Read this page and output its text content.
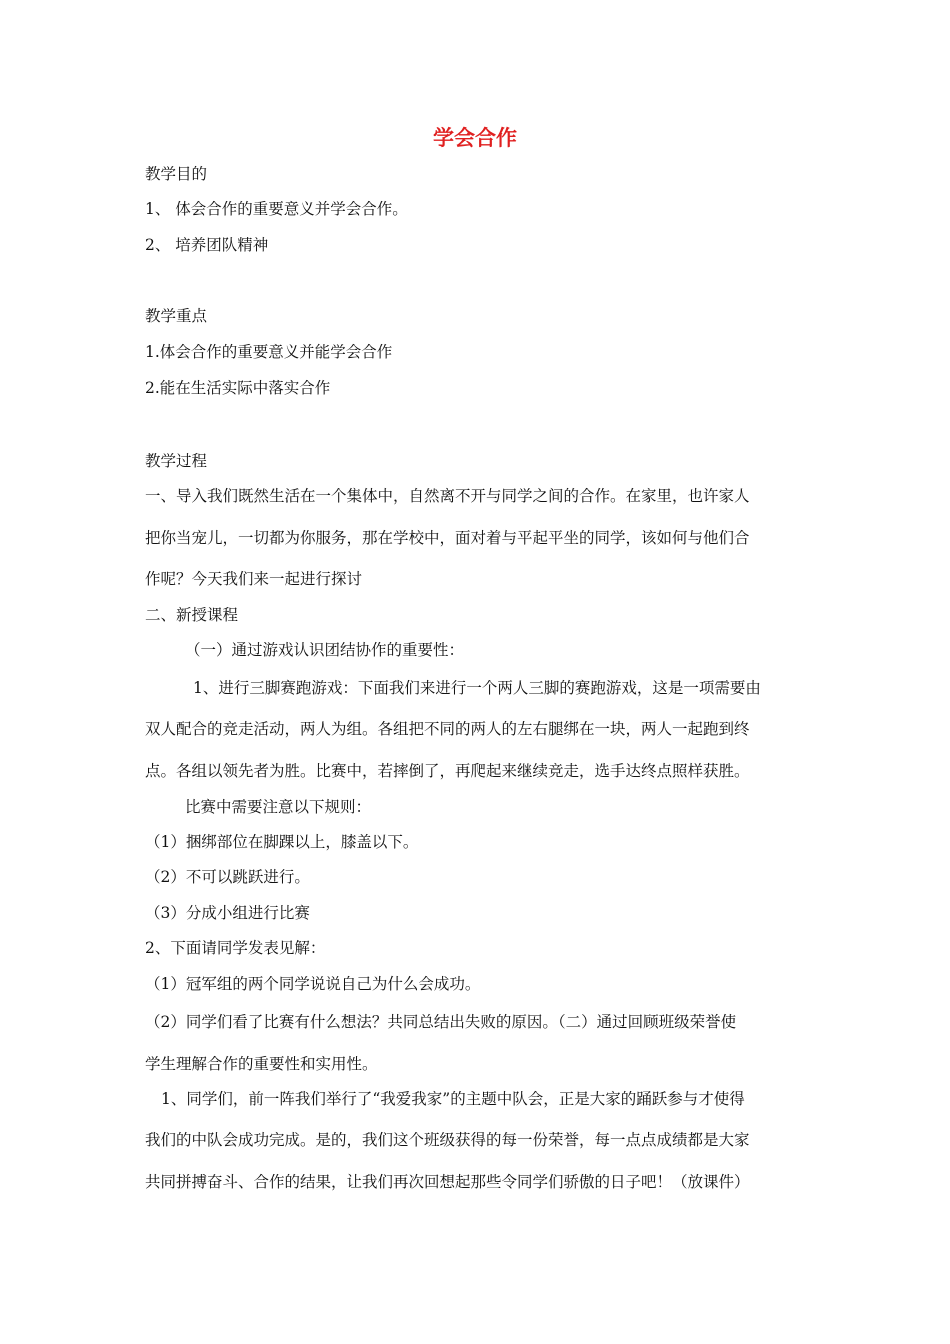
学会合作
教学目的
1、 体会合作的重要意义并学会合作。
2、 培养团队精神
教学重点
1.体会合作的重要意义并能学会合作
2.能在生活实际中落实合作
教学过程
一、导入我们既然生活在一个集体中，自然离不开与同学之间的合作。在家里，也许家人
把你当宠儿，一切都为你服务，那在学校中，面对着与平起平坐的同学，该如何与他们合
作呢？今天我们来一起进行探讨
二、新授课程
（一）通过游戏认识团结协作的重要性：
1、进行三脚赛跑游戏：下面我们来进行一个两人三脚的赛跑游戏，这是一项需要由
双人配合的竞走活动，两人为组。各组把不同的两人的左右腿绑在一块，两人一起跑到终
点。各组以领先者为胜。比赛中，若摔倒了，再爬起来继续竞走，选手达终点照样获胜。
比赛中需要注意以下规则：
（1）捆绑部位在脚踝以上，膝盖以下。
（2）不可以跳跃进行。
（3）分成小组进行比赛
2、下面请同学发表见解：
（1）冠军组的两个同学说说自己为什么会成功。
（2）同学们看了比赛有什么想法？共同总结出失败的原因。（二）通过回顾班级荣誉使
学生理解合作的重要性和实用性。
1、同学们，前一阵我们举行了“我爱我家”的主题中队会，正是大家的踊跃参与才使得
我们的中队会成功完成。是的，我们这个班级获得的每一份荣誉，每一点点成绩都是大家
共同拼搏奋斗、合作的结果，让我们再次回想起那些令同学们骄傲的日子吧！（放课件）
